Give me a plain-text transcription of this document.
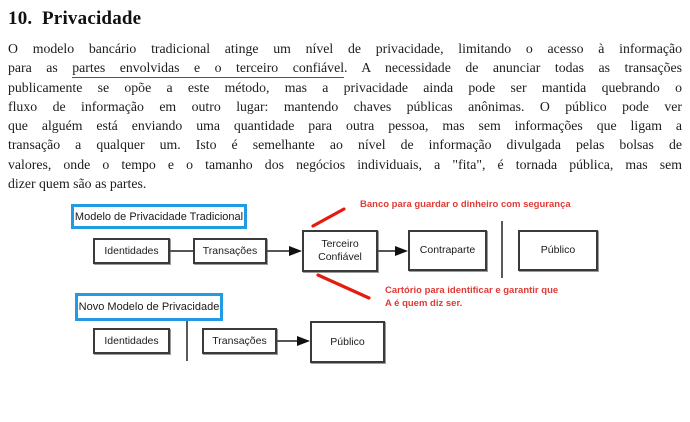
10. Privacidade
O modelo bancário tradicional atinge um nível de privacidade, limitando o acesso à informação
para as partes envolvidas e o terceiro confiável. A necessidade de anunciar todas as transações
publicamente se opõe a este método, mas a privacidade ainda pode ser mantida quebrando o
fluxo de informação em outro lugar: mantendo chaves públicas anônimas. O público pode ver
que alguém está enviando uma quantidade para outra pessoa, mas sem informações que ligam a
transação a qualquer um. Isto é semelhante ao nível de informação divulgada pelas bolsas de
valores, onde o tempo e o tamanho dos negócios individuais, a "fita", é tornada pública, mas sem
dizer quem são as partes.
Modelo de Privacidade Tradicional
Identidades	Transações
Terceiro
Confiável
Contraparte	Público
Banco para guardar o dinheiro com segurança
Cartório para identificar e garantir que
A é quem diz ser.
Novo Modelo de Privacidade
Identidades	Transações	Público
